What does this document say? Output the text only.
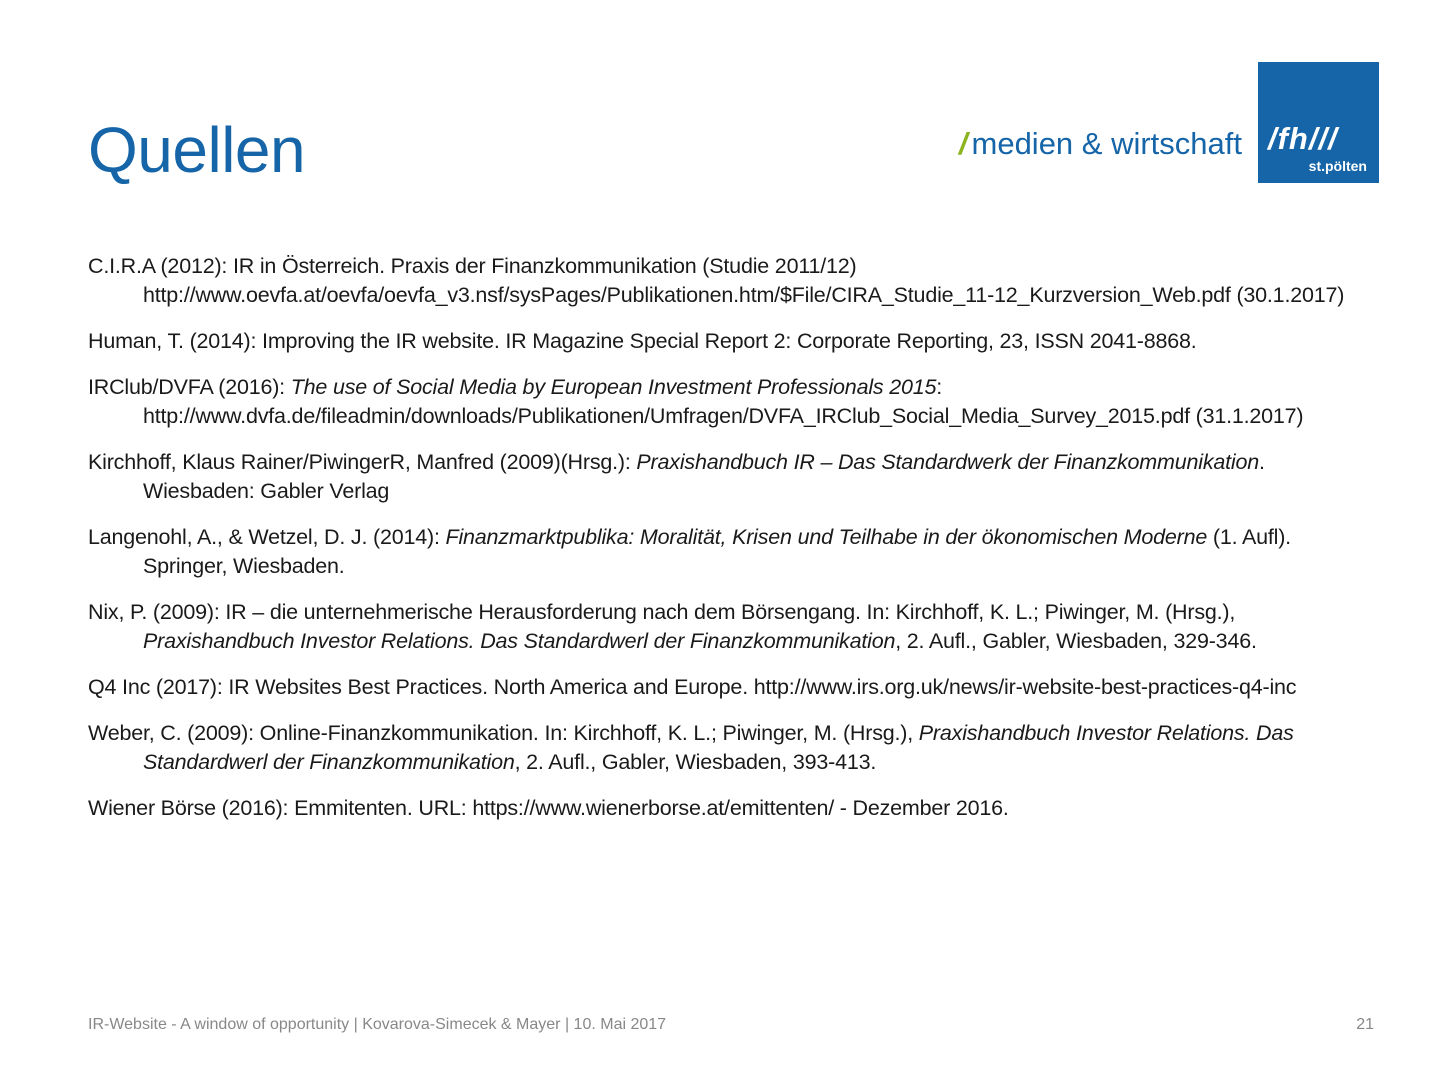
Quellen	/ medien & wirtschaft /fh///
st.pölten

C.I.R.A (2012): IR in Österreich. Praxis der Finanzkommunikation (Studie 2011/12) http://www.oevfa.at/oevfa/oevfa_v3.nsf/sysPages/Publikationen.htm/$File/CIRA_Studie_11-12_Kurzversion_Web.pdf (30.1.2017)

Human, T. (2014): Improving the IR website. IR Magazine Special Report 2: Corporate Reporting, 23, ISSN 2041-8868.

IRClub/DVFA (2016): The use of Social Media by European Investment Professionals 2015: http://www.dvfa.de/fileadmin/downloads/Publikationen/Umfragen/DVFA_IRClub_Social_Media_Survey_2015.pdf (31.1.2017)

Kirchhoff, Klaus Rainer/PiwingerR, Manfred (2009)(Hrsg.): Praxishandbuch IR – Das Standardwerk der Finanzkommunikation. Wiesbaden: Gabler Verlag

Langenohl, A., & Wetzel, D. J. (2014): Finanzmarktpublika: Moralität, Krisen und Teilhabe in der ökonomischen Moderne (1. Aufl). Springer, Wiesbaden.

Nix, P. (2009): IR – die unternehmerische Herausforderung nach dem Börsengang. In: Kirchhoff, K. L.; Piwinger, M. (Hrsg.), Praxishandbuch Investor Relations. Das Standardwerl der Finanzkommunikation, 2. Aufl., Gabler, Wiesbaden, 329-346.

Q4 Inc (2017): IR Websites Best Practices. North America and Europe. http://www.irs.org.uk/news/ir-website-best-practices-q4-inc

Weber, C. (2009): Online-Finanzkommunikation. In: Kirchhoff, K. L.; Piwinger, M. (Hrsg.), Praxishandbuch Investor Relations. Das Standardwerl der Finanzkommunikation, 2. Aufl., Gabler, Wiesbaden, 393-413.

Wiener Börse (2016): Emmitenten. URL: https://www.wienerborse.at/emittenten/ - Dezember 2016.

IR-Website - A window of opportunity | Kovarova-Simecek & Mayer | 10. Mai 2017	21
